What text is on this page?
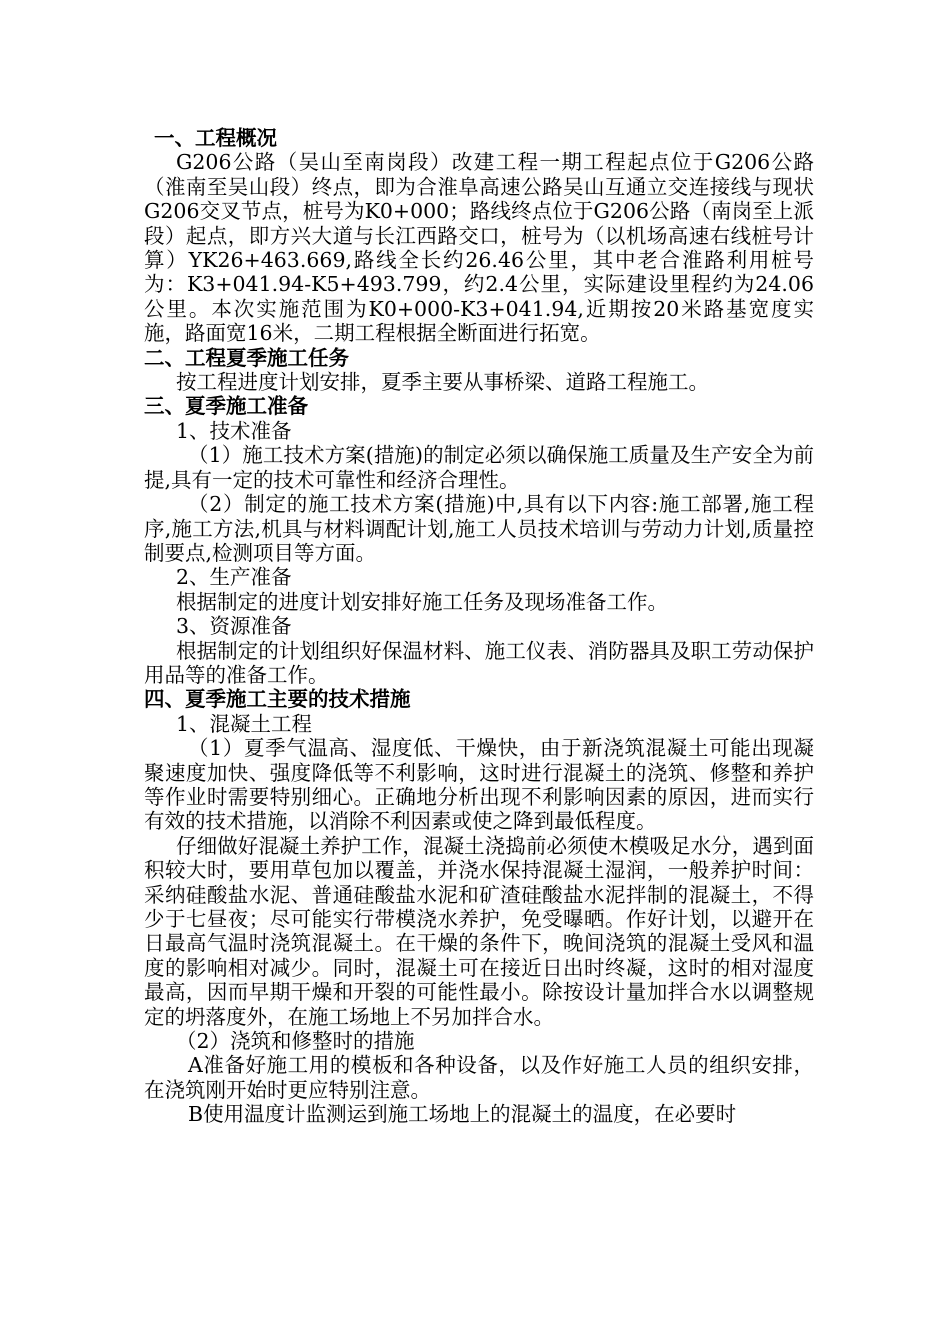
一、工程概况

G206公路（吴山至南岗段）改建工程一期工程起点位于G206公路（淮南至吴山段）终点，即为合淮阜高速公路吴山互通立交连接线与现状G206交叉节点，桩号为K0+000；路线终点位于G206公路（南岗至上派段）起点，即方兴大道与长江西路交口，桩号为（以机场高速右线桩号计算）YK26+463.669,路线全长约26.46公里，其中老合淮路利用桩号为：K3+041.94-K5+493.799，约2.4公里，实际建设里程约为24.06公里。本次实施范围为K0+000-K3+041.94,近期按20米路基宽度实施，路面宽16米，二期工程根据全断面进行拓宽。

二、工程夏季施工任务

按工程进度计划安排，夏季主要从事桥梁、道路工程施工。

三、夏季施工准备

1、技术准备

（1）施工技术方案(措施)的制定必须以确保施工质量及生产安全为前提,具有一定的技术可靠性和经济合理性。

（2）制定的施工技术方案(措施)中,具有以下内容:施工部署,施工程序,施工方法,机具与材料调配计划,施工人员技术培训与劳动力计划,质量控制要点,检测项目等方面。

2、生产准备

根据制定的进度计划安排好施工任务及现场准备工作。

3、资源准备

根据制定的计划组织好保温材料、施工仪表、消防器具及职工劳动保护用品等的准备工作。

四、夏季施工主要的技术措施

1、混凝土工程

（1）夏季气温高、湿度低、干燥快，由于新浇筑混凝土可能出现凝聚速度加快、强度降低等不利影响，这时进行混凝土的浇筑、修整和养护等作业时需要特别细心。正确地分析出现不利影响因素的原因，进而实行有效的技术措施，以消除不利因素或使之降到最低程度。

仔细做好混凝土养护工作，混凝土浇捣前必须使木模吸足水分，遇到面积较大时，要用草包加以覆盖，并浇水保持混凝土湿润，一般养护时间：采纳硅酸盐水泥、普通硅酸盐水泥和矿渣硅酸盐水泥拌制的混凝土，不得少于七昼夜；尽可能实行带模浇水养护，免受曝晒。作好计划，以避开在日最高气温时浇筑混凝土。在干燥的条件下，晚间浇筑的混凝土受风和温度的影响相对减少。同时，混凝土可在接近日出时终凝，这时的相对湿度最高，因而早期干燥和开裂的可能性最小。除按设计量加拌合水以调整规定的坍落度外，在施工场地上不另加拌合水。

（2）浇筑和修整时的措施

A准备好施工用的模板和各种设备，以及作好施工人员的组织安排，在浇筑刚开始时更应特别注意。

B使用温度计监测运到施工场地上的混凝土的温度，在必要时
